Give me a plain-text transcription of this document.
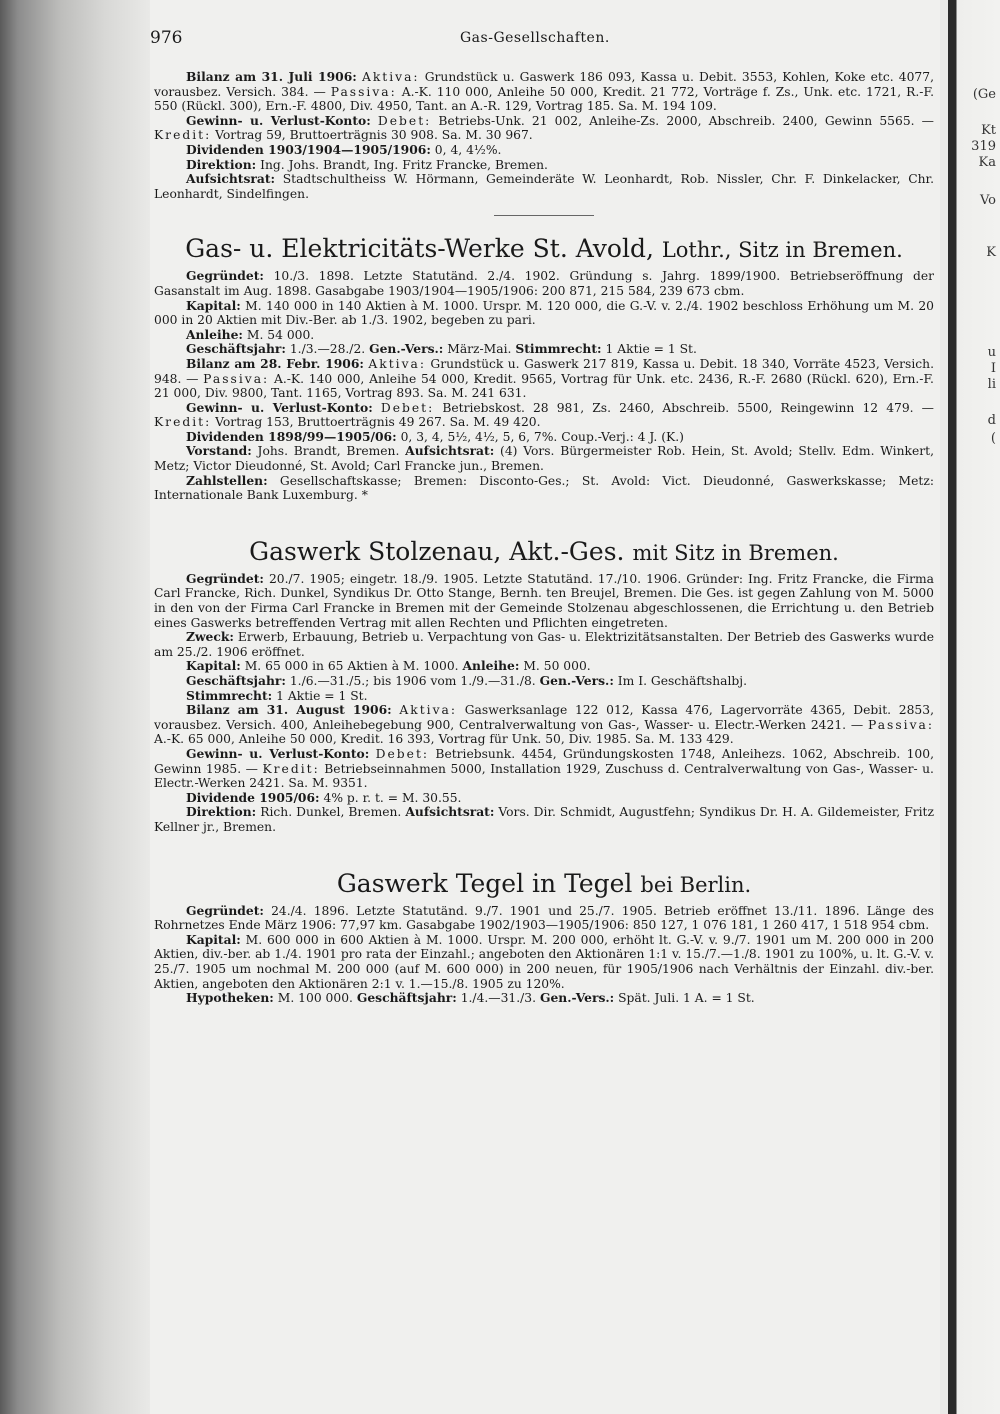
976	Gas-Gesellschaften.

Bilanz am 31. Juli 1906: Aktiva: Grundstück u. Gaswerk 186 093, Kassa u. Debit. 3553, Kohlen, Koke etc. 4077, vorausbez. Versich. 384. — Passiva: A.-K. 110 000, Anleihe 50 000, Kredit. 21 772, Vorträge f. Zs., Unk. etc. 1721, R.-F. 550 (Rückl. 300), Ern.-F. 4800, Div. 4950, Tant. an A.-R. 129, Vortrag 185. Sa. M. 194 109.

Gewinn- u. Verlust-Konto: Debet: Betriebs-Unk. 21 002, Anleihe-Zs. 2000, Abschreib. 2400, Gewinn 5565. — Kredit: Vortrag 59, Bruttoerträgnis 30 908. Sa. M. 30 967.

Dividenden 1903/1904—1905/1906: 0, 4, 4½%.

Direktion: Ing. Johs. Brandt, Ing. Fritz Francke, Bremen.

Aufsichtsrat: Stadtschultheiss W. Hörmann, Gemeinderäte W. Leonhardt, Rob. Nissler, Chr. F. Dinkelacker, Chr. Leonhardt, Sindelfingen.

Gas- u. Elektricitäts-Werke St. Avold, Lothr., Sitz in Bremen.

Gegründet: 10./3. 1898. Letzte Statutänd. 2./4. 1902. Gründung s. Jahrg. 1899/1900. Betriebseröffnung der Gasanstalt im Aug. 1898. Gasabgabe 1903/1904—1905/1906: 200 871, 215 584, 239 673 cbm.

Kapital: M. 140 000 in 140 Aktien à M. 1000. Urspr. M. 120 000, die G.-V. v. 2./4. 1902 beschloss Erhöhung um M. 20 000 in 20 Aktien mit Div.-Ber. ab 1./3. 1902, begeben zu pari.

Anleihe: M. 54 000.

Geschäftsjahr: 1./3.—28./2. Gen.-Vers.: März-Mai. Stimmrecht: 1 Aktie = 1 St.

Bilanz am 28. Febr. 1906: Aktiva: Grundstück u. Gaswerk 217 819, Kassa u. Debit. 18 340, Vorräte 4523, Versich. 948. — Passiva: A.-K. 140 000, Anleihe 54 000, Kredit. 9565, Vortrag für Unk. etc. 2436, R.-F. 2680 (Rückl. 620), Ern.-F. 21 000, Div. 9800, Tant. 1165, Vortrag 893. Sa. M. 241 631.

Gewinn- u. Verlust-Konto: Debet: Betriebskost. 28 981, Zs. 2460, Abschreib. 5500, Reingewinn 12 479. — Kredit: Vortrag 153, Bruttoerträgnis 49 267. Sa. M. 49 420.

Dividenden 1898/99—1905/06: 0, 3, 4, 5½, 4½, 5, 6, 7%. Coup.-Verj.: 4 J. (K.)

Vorstand: Johs. Brandt, Bremen. Aufsichtsrat: (4) Vors. Bürgermeister Rob. Hein, St. Avold; Stellv. Edm. Winkert, Metz; Victor Dieudonné, St. Avold; Carl Francke jun., Bremen.

Zahlstellen: Gesellschaftskasse; Bremen: Disconto-Ges.; St. Avold: Vict. Dieudonné, Gaswerkskasse; Metz: Internationale Bank Luxemburg. *

Gaswerk Stolzenau, Akt.-Ges. mit Sitz in Bremen.

Gegründet: 20./7. 1905; eingetr. 18./9. 1905. Letzte Statutänd. 17./10. 1906. Gründer: Ing. Fritz Francke, die Firma Carl Francke, Rich. Dunkel, Syndikus Dr. Otto Stange, Bernh. ten Breujel, Bremen. Die Ges. ist gegen Zahlung von M. 5000 in den von der Firma Carl Francke in Bremen mit der Gemeinde Stolzenau abgeschlossenen, die Errichtung u. den Betrieb eines Gaswerks betreffenden Vertrag mit allen Rechten und Pflichten eingetreten.

Zweck: Erwerb, Erbauung, Betrieb u. Verpachtung von Gas- u. Elektrizitätsanstalten. Der Betrieb des Gaswerks wurde am 25./2. 1906 eröffnet.

Kapital: M. 65 000 in 65 Aktien à M. 1000. Anleihe: M. 50 000.

Geschäftsjahr: 1./6.—31./5.; bis 1906 vom 1./9.—31./8. Gen.-Vers.: Im I. Geschäftshalbj.

Stimmrecht: 1 Aktie = 1 St.

Bilanz am 31. August 1906: Aktiva: Gaswerksanlage 122 012, Kassa 476, Lagervorräte 4365, Debit. 2853, vorausbez. Versich. 400, Anleihebegebung 900, Centralverwaltung von Gas-, Wasser- u. Electr.-Werken 2421. — Passiva: A.-K. 65 000, Anleihe 50 000, Kredit. 16 393, Vortrag für Unk. 50, Div. 1985. Sa. M. 133 429.

Gewinn- u. Verlust-Konto: Debet: Betriebsunk. 4454, Gründungskosten 1748, Anleihezs. 1062, Abschreib. 100, Gewinn 1985. — Kredit: Betriebseinnahmen 5000, Installation 1929, Zuschuss d. Centralverwaltung von Gas-, Wasser- u. Electr.-Werken 2421. Sa. M. 9351.

Dividende 1905/06: 4% p. r. t. = M. 30.55.

Direktion: Rich. Dunkel, Bremen. Aufsichtsrat: Vors. Dir. Schmidt, Augustfehn; Syndikus Dr. H. A. Gildemeister, Fritz Kellner jr., Bremen.

Gaswerk Tegel in Tegel bei Berlin.

Gegründet: 24./4. 1896. Letzte Statutänd. 9./7. 1901 und 25./7. 1905. Betrieb eröffnet 13./11. 1896. Länge des Rohrnetzes Ende März 1906: 77,97 km. Gasabgabe 1902/1903—1905/1906: 850 127, 1 076 181, 1 260 417, 1 518 954 cbm.

Kapital: M. 600 000 in 600 Aktien à M. 1000. Urspr. M. 200 000, erhöht lt. G.-V. v. 9./7. 1901 um M. 200 000 in 200 Aktien, div.-ber. ab 1./4. 1901 pro rata der Einzahl.; angeboten den Aktionären 1:1 v. 15./7.—1./8. 1901 zu 100%, u. lt. G.-V. v. 25./7. 1905 um nochmal M. 200 000 (auf M. 600 000) in 200 neuen, für 1905/1906 nach Verhältnis der Einzahl. div.-ber. Aktien, angeboten den Aktionären 2:1 v. 1.—15./8. 1905 zu 120%.

Hypotheken: M. 100 000. Geschäftsjahr: 1./4.—31./3. Gen.-Vers.: Spät. Juli. 1 A. = 1 St.

(Ge
Kt
319
Ka
Vo
K
u
I
li
d
(
